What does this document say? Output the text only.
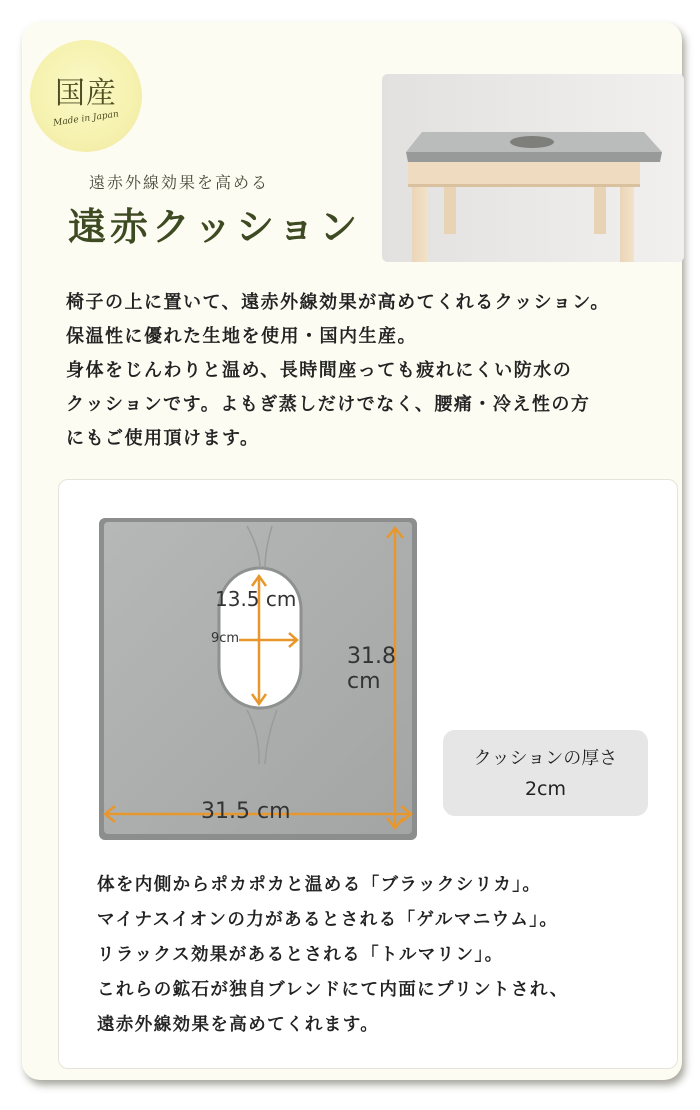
国産
Made in Japan
遠赤外線効果を高める
遠赤クッション
椅子の上に置いて、遠赤外線効果が高めてくれるクッション。
保温性に優れた生地を使用・国内生産。
身体をじんわりと温め、長時間座っても疲れにくい防水の
クッションです。よもぎ蒸しだけでなく、腰痛・冷え性の方
にもご使用頂けます。
13.5 cm
9cm
31.8 cm
31.5 cm
クッションの厚さ
2cm
体を内側からポカポカと温める「ブラックシリカ」。
マイナスイオンの力があるとされる「ゲルマニウム」。
リラックス効果があるとされる「トルマリン」。
これらの鉱石が独自ブレンドにて内面にプリントされ、
遠赤外線効果を高めてくれます。
